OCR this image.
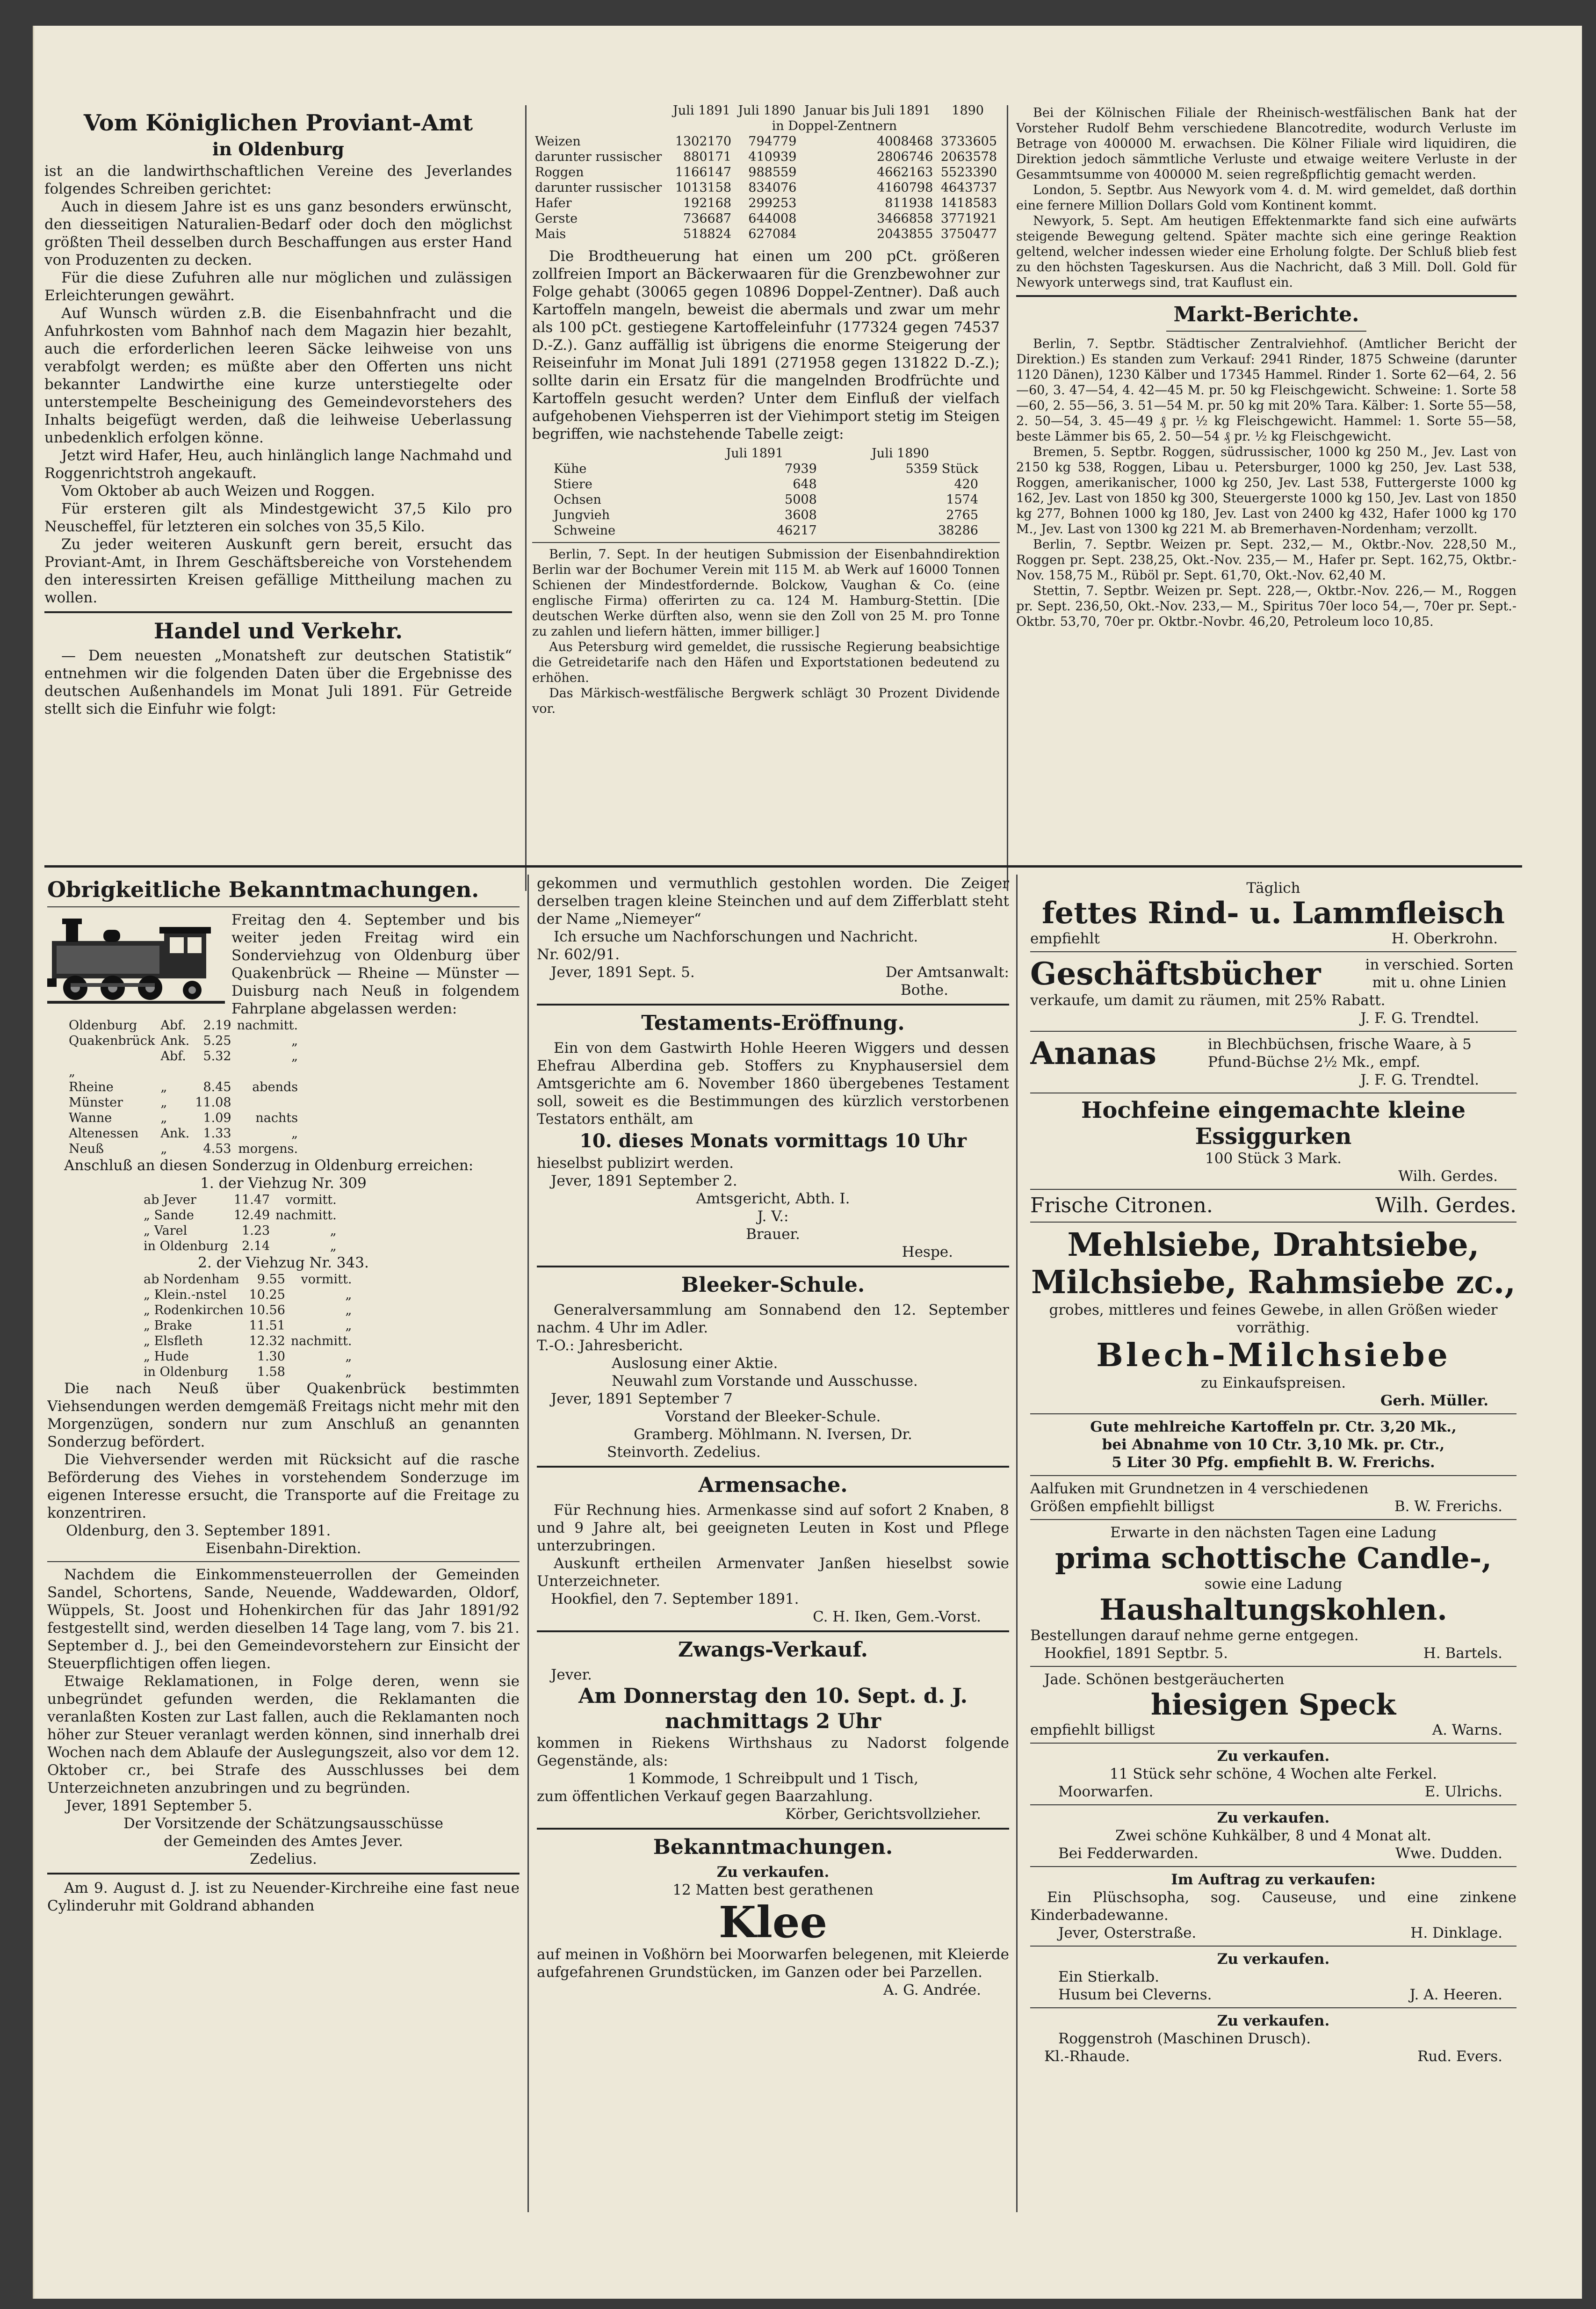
Vom Königlichen Proviant-Amt
in Oldenburg

ist an die landwirthschaftlichen Vereine des Jeverlandes folgendes Schreiben gerichtet:

Auch in diesem Jahre ist es uns ganz besonders erwünscht, den diesseitigen Naturalien-Bedarf oder doch den möglichst größten Theil desselben durch Beschaffungen aus erster Hand von Produzenten zu decken.

Für die diese Zufuhren alle nur möglichen und zulässigen Erleichterungen gewährt.

Auf Wunsch würden z.B. die Eisenbahnfracht und die Anfuhrkosten vom Bahnhof nach dem Magazin hier bezahlt, auch die erforderlichen leeren Säcke leihweise von uns verabfolgt werden; es müßte aber den Offerten uns nicht bekannter Landwirthe eine kurze unterstiegelte oder unterstempelte Bescheinigung des Gemeindevorstehers des Inhalts beigefügt werden, daß die leihweise Ueberlassung unbedenklich erfolgen könne.

Jetzt wird Hafer, Heu, auch hinlänglich lange Nachmahd und Roggenrichtstroh angekauft.

Vom Oktober ab auch Weizen und Roggen.

Für ersteren gilt als Mindestgewicht 37,5 Kilo pro Neuscheffel, für letzteren ein solches von 35,5 Kilo.

Zu jeder weiteren Auskunft gern bereit, ersucht das Proviant-Amt, in Ihrem Geschäftsbereiche von Vorstehendem den interessirten Kreisen gefällige Mittheilung machen zu wollen.

Handel und Verkehr.

— Dem neuesten „Monatsheft zur deutschen Statistik“ entnehmen wir die folgenden Daten über die Ergebnisse des deutschen Außenhandels im Monat Juli 1891. Für Getreide stellt sich die Einfuhr wie folgt:

	Juli 1891	Juli 1890	Januar bis Juli 1891	1890
	in Doppel-Zentnern			
Weizen	1302170	794779	4008468	3733605
darunter russischer	880171	410939	2806746	2063578
Roggen	1166147	988559	4662163	5523390
darunter russischer	1013158	834076	4160798	4643737
Hafer	192168	299253	811938	1418583
Gerste	736687	644008	3466858	3771921
Mais	518824	627084	2043855	3750477

Die Brodtheuerung hat einen um 200 pCt. größeren zollfreien Import an Bäckerwaaren für die Grenzbewohner zur Folge gehabt (30065 gegen 10896 Doppel-Zentner). Daß auch Kartoffeln mangeln, beweist die abermals und zwar um mehr als 100 pCt. gestiegene Kartoffeleinfuhr (177324 gegen 74537 D.-Z.). Ganz auffällig ist übrigens die enorme Steigerung der Reiseinfuhr im Monat Juli 1891 (271958 gegen 131822 D.-Z.); sollte darin ein Ersatz für die mangelnden Brodfrüchte und Kartoffeln gesucht werden? Unter dem Einfluß der vielfach aufgehobenen Viehsperren ist der Viehimport stetig im Steigen begriffen, wie nachstehende Tabelle zeigt:

	Juli 1891	Juli 1890
Kühe	7939	5359 Stück
Stiere	648	420
Ochsen	5008	1574
Jungvieh	3608	2765
Schweine	46217	38286

Berlin, 7. Sept. In der heutigen Submission der Eisenbahndirektion Berlin war der Bochumer Verein mit 115 M. ab Werk auf 16000 Tonnen Schienen der Mindestfordernde. Bolckow, Vaughan & Co. (eine englische Firma) offerirten zu ca. 124 M. Hamburg-Stettin. [Die deutschen Werke dürften also, wenn sie den Zoll von 25 M. pro Tonne zu zahlen und liefern hätten, immer billiger.]

Aus Petersburg wird gemeldet, die russische Regierung beabsichtige die Getreidetarife nach den Häfen und Exportstationen bedeutend zu erhöhen.

Das Märkisch-westfälische Bergwerk schlägt 30 Prozent Dividende vor.

Bei der Kölnischen Filiale der Rheinisch-westfälischen Bank hat der Vorsteher Rudolf Behm verschiedene Blancotredite, wodurch Verluste im Betrage von 400000 M. erwachsen. Die Kölner Filiale wird liquidiren, die Direktion jedoch sämmtliche Verluste und etwaige weitere Verluste in der Gesammtsumme von 400000 M. seien regreßpflichtig gemacht werden.

London, 5. Septbr. Aus Newyork vom 4. d. M. wird gemeldet, daß dorthin eine fernere Million Dollars Gold vom Kontinent kommt.

Newyork, 5. Sept. Am heutigen Effektenmarkte fand sich eine aufwärts steigende Bewegung geltend. Später machte sich eine geringe Reaktion geltend, welcher indessen wieder eine Erholung folgte. Der Schluß blieb fest zu den höchsten Tageskursen. Aus die Nachricht, daß 3 Mill. Doll. Gold für Newyork unterwegs sind, trat Kauflust ein.

Markt-Berichte.

Berlin, 7. Septbr. Städtischer Zentralviehhof. (Amtlicher Bericht der Direktion.) Es standen zum Verkauf: 2941 Rinder, 1875 Schweine (darunter 1120 Dänen), 1230 Kälber und 17345 Hammel. Rinder 1. Sorte 62—64, 2. 56—60, 3. 47—54, 4. 42—45 M. pr. 50 kg Fleischgewicht. Schweine: 1. Sorte 58—60, 2. 55—56, 3. 51—54 M. pr. 50 kg mit 20% Tara. Kälber: 1. Sorte 55—58, 2. 50—54, 3. 45—49 ₰ pr. ½ kg Fleischgewicht. Hammel: 1. Sorte 55—58, beste Lämmer bis 65, 2. 50—54 ₰ pr. ½ kg Fleischgewicht.

Bremen, 5. Septbr. Roggen, südrussischer, 1000 kg 250 M., Jev. Last von 2150 kg 538, Roggen, Libau u. Petersburger, 1000 kg 250, Jev. Last 538, Roggen, amerikanischer, 1000 kg 250, Jev. Last 538, Futtergerste 1000 kg 162, Jev. Last von 1850 kg 300, Steuergerste 1000 kg 150, Jev. Last von 1850 kg 277, Bohnen 1000 kg 180, Jev. Last von 2400 kg 432, Hafer 1000 kg 170 M., Jev. Last von 1300 kg 221 M. ab Bremerhaven-Nordenham; verzollt.

Berlin, 7. Septbr. Weizen pr. Sept. 232,— M., Oktbr.-Nov. 228,50 M., Roggen pr. Sept. 238,25, Okt.-Nov. 235,— M., Hafer pr. Sept. 162,75, Oktbr.-Nov. 158,75 M., Rüböl pr. Sept. 61,70, Okt.-Nov. 62,40 M.

Stettin, 7. Septbr. Weizen pr. Sept. 228,—, Oktbr.-Nov. 226,— M., Roggen pr. Sept. 236,50, Okt.-Nov. 233,— M., Spiritus 70er loco 54,—, 70er pr. Sept.-Oktbr. 53,70, 70er pr. Oktbr.-Novbr. 46,20, Petroleum loco 10,85.

Obrigkeitliche Bekanntmachungen.

Freitag den 4. September und bis weiter jeden Freitag wird ein Sonderviehzug von Oldenburg über Quakenbrück — Rheine — Münster — Duisburg nach Neuß in folgendem Fahrplane abgelassen werden:

Oldenburg	Abf.	2.19	nachmitt.
Quakenbrück	Ank.	5.25	„
	Abf.	5.32	„
„			
Rheine	„	8.45	abends
Münster	„	11.08	
Wanne	„	1.09	nachts
Altenessen	Ank.	1.33	„
Neuß	„	4.53	morgens.

Anschluß an diesen Sonderzug in Oldenburg erreichen:

1. der Viehzug Nr. 309

ab Jever	11.47	vormitt.
„ Sande	12.49	nachmitt.
„ Varel	1.23	„
in Oldenburg	2.14	„

2. der Viehzug Nr. 343.

ab Nordenham	9.55	vormitt.
„ Klein.-nstel	10.25	„
„ Rodenkirchen	10.56	„
„ Brake	11.51	„
„ Elsfleth	12.32	nachmitt.
„ Hude	1.30	„
in Oldenburg	1.58	„

Die nach Neuß über Quakenbrück bestimmten Viehsendungen werden demgemäß Freitags nicht mehr mit den Morgenzügen, sondern nur zum Anschluß an genannten Sonderzug befördert.

Die Viehversender werden mit Rücksicht auf die rasche Beförderung des Viehes in vorstehendem Sonderzuge im eigenen Interesse ersucht, die Transporte auf die Freitage zu konzentriren.

Oldenburg, den 3. September 1891.

Eisenbahn-Direktion.

Nachdem die Einkommensteuerrollen der Gemeinden Sandel, Schortens, Sande, Neuende, Waddewarden, Oldorf, Wüppels, St. Joost und Hohenkirchen für das Jahr 1891/92 festgestellt sind, werden dieselben 14 Tage lang, vom 7. bis 21. September d. J., bei den Gemeindevorstehern zur Einsicht der Steuerpflichtigen offen liegen.

Etwaige Reklamationen, in Folge deren, wenn sie unbegründet gefunden werden, die Reklamanten die veranlaßten Kosten zur Last fallen, auch die Reklamanten noch höher zur Steuer veranlagt werden können, sind innerhalb drei Wochen nach dem Ablaufe der Auslegungszeit, also vor dem 12. Oktober cr., bei Strafe des Ausschlusses bei dem Unterzeichneten anzubringen und zu begründen.

Jever, 1891 September 5.

Der Vorsitzende der Schätzungsausschüsse

der Gemeinden des Amtes Jever.

Zedelius.

Am 9. August d. J. ist zu Neuender-Kirchreihe eine fast neue Cylinderuhr mit Goldrand abhanden

gekommen und vermuthlich gestohlen worden. Die Zeiger derselben tragen kleine Steinchen und auf dem Zifferblatt steht der Name „Niemeyer“

Ich ersuche um Nachforschungen und Nachricht.

Nr. 602/91.

Jever, 1891 Sept. 5.	Der Amtsanwalt:

Bothe.

Testaments-Eröffnung.

Ein von dem Gastwirth Hohle Heeren Wiggers und dessen Ehefrau Alberdina geb. Stoffers zu Knyphausersiel dem Amtsgerichte am 6. November 1860 übergebenes Testament soll, soweit es die Bestimmungen des kürzlich verstorbenen Testators enthält, am

10. dieses Monats vormittags 10 Uhr

hieselbst publizirt werden.

Jever, 1891 September 2.

Amtsgericht, Abth. I.

J. V.:

Brauer.

Hespe.

Bleeker-Schule.

Generalversammlung am Sonnabend den 12. September nachm. 4 Uhr im Adler.

T.-O.: Jahresbericht.

Auslosung einer Aktie.

Neuwahl zum Vorstande und Ausschusse.

Jever, 1891 September 7

Vorstand der Bleeker-Schule.

Gramberg. Möhlmann. N. Iversen, Dr.

Steinvorth. Zedelius.

Armensache.

Für Rechnung hies. Armenkasse sind auf sofort 2 Knaben, 8 und 9 Jahre alt, bei geeigneten Leuten in Kost und Pflege unterzubringen.

Auskunft ertheilen Armenvater Janßen hieselbst sowie Unterzeichneter.

Hookfiel, den 7. September 1891.

C. H. Iken, Gem.-Vorst.

Zwangs-Verkauf.

Jever.

Am Donnerstag den 10. Sept. d. J.

nachmittags 2 Uhr

kommen in Riekens Wirthshaus zu Nadorst folgende Gegenstände, als:

1 Kommode, 1 Schreibpult und 1 Tisch,

zum öffentlichen Verkauf gegen Baarzahlung.

Körber, Gerichtsvollzieher.

Bekanntmachungen.

Zu verkaufen.

12 Matten best gerathenen

Klee

auf meinen in Voßhörn bei Moorwarfen belegenen, mit Kleierde aufgefahrenen Grundstücken, im Ganzen oder bei Parzellen.

A. G. Andrée.

Täglich

fettes Rind- u. Lammfleisch

empfiehlt	H. Oberkrohn.
Geschäftsbücher	in verschied. Sorten mit u. ohne Linien

verkaufe, um damit zu räumen, mit 25% Rabatt.

J. F. G. Trendtel.

Ananas	in Blechbüchsen, frische Waare, à 5 Pfund-Büchse 2½ Mk., empf.

J. F. G. Trendtel.

Hochfeine eingemachte kleine Essiggurken

100 Stück 3 Mark.

Wilh. Gerdes.

Frische Citronen.	Wilh. Gerdes.

Mehlsiebe, Drahtsiebe,

Milchsiebe, Rahmsiebe zc.,

grobes, mittleres und feines Gewebe, in allen Größen wieder vorräthig.

Blech-Milchsiebe

zu Einkaufspreisen.

Gerh. Müller.

Gute mehlreiche Kartoffeln pr. Ctr. 3,20 Mk.,

bei Abnahme von 10 Ctr. 3,10 Mk. pr. Ctr.,

5 Liter 30 Pfg. empfiehlt B. W. Frerichs.

Aalfuken mit Grundnetzen in 4 verschiedenen

Größen empfiehlt billigst	B. W. Frerichs.

Erwarte in den nächsten Tagen eine Ladung

prima schottische Candle-,

sowie eine Ladung

Haushaltungskohlen.

Bestellungen darauf nehme gerne entgegen.

Hookfiel, 1891 Septbr. 5.	H. Bartels.

Jade. Schönen bestgeräucherten

hiesigen Speck

empfiehlt billigst	A. Warns.

Zu verkaufen.

11 Stück sehr schöne, 4 Wochen alte Ferkel.

Moorwarfen.	E. Ulrichs.

Zu verkaufen.

Zwei schöne Kuhkälber, 8 und 4 Monat alt.

Bei Fedderwarden.	Wwe. Dudden.

Im Auftrag zu verkaufen:

Ein Plüschsopha, sog. Causeuse, und eine zinkene Kinderbadewanne.

Jever, Osterstraße.	H. Dinklage.

Zu verkaufen.

Ein Stierkalb.

Husum bei Cleverns.	J. A. Heeren.

Zu verkaufen.

Roggenstroh (Maschinen Drusch).

Kl.-Rhaude.	Rud. Evers.
